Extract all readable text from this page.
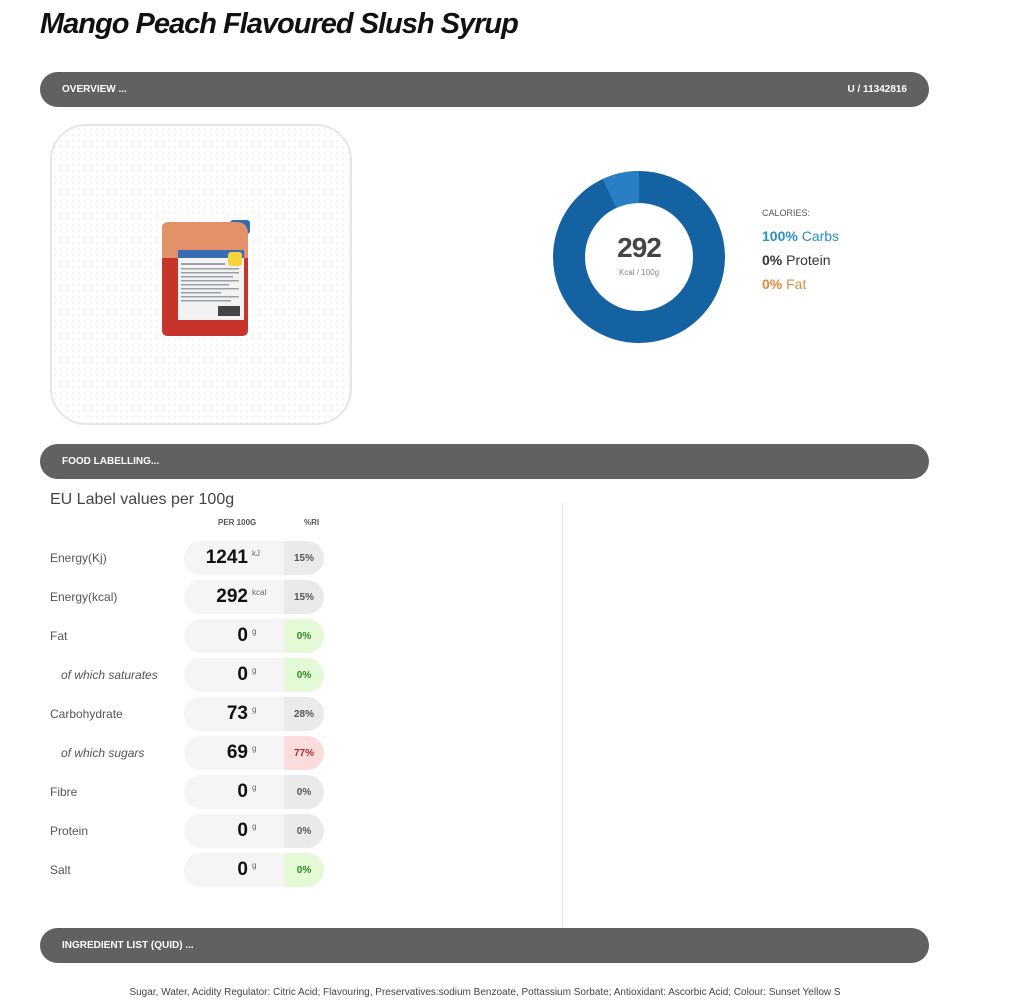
Mango Peach Flavoured Slush Syrup
OVERVIEW ...	U / 11342816
292
Kcal / 100g
CALORIES:
100% Carbs
0% Protein
0% Fat
FOOD LABELLING...
EU Label values per 100g
PER 100G	%RI
Energy(Kj)	1241 kJ	15%
Energy(kcal)	292 kcal	15%
Fat	0 g	0%
of which saturates	0 g	0%
Carbohydrate	73 g	28%
of which sugars	69 g	77%
Fibre	0 g	0%
Protein	0 g	0%
Salt	0 g	0%
INGREDIENT LIST (QUID) ...
Sugar, Water, Acidity Regulator: Citric Acid; Flavouring, Preservatives:sodium Benzoate, Pottassium Sorbate; Antioxidant: Ascorbic Acid; Colour: Sunset Yellow S
